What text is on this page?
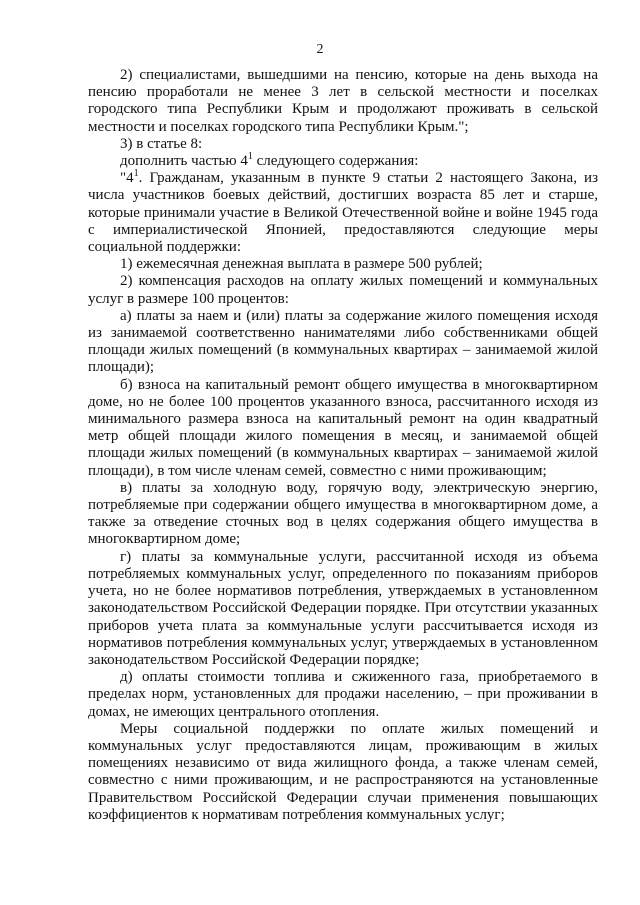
2

2) специалистами, вышедшими на пенсию, которые на день выхода на пенсию проработали не менее 3 лет в сельской местности и поселках городского типа Республики Крым и продолжают проживать в сельской местности и поселках городского типа Республики Крым.";

3) в статье 8:

дополнить частью $4^1$ следующего содержания:

"$4^1$. Гражданам, указанным в пункте 9 статьи 2 настоящего Закона, из числа участников боевых действий, достигших возраста 85 лет и старше, которые принимали участие в Великой Отечественной войне и войне 1945 года с империалистической Японией, предоставляются следующие меры социальной поддержки:

1) ежемесячная денежная выплата в размере 500 рублей;

2) компенсация расходов на оплату жилых помещений и коммунальных услуг в размере 100 процентов:

а) платы за наем и (или) платы за содержание жилого помещения исходя из занимаемой соответственно нанимателями либо собственниками общей площади жилых помещений (в коммунальных квартирах – занимаемой жилой площади);

б) взноса на капитальный ремонт общего имущества в многоквартирном доме, но не более 100 процентов указанного взноса, рассчитанного исходя из минимального размера взноса на капитальный ремонт на один квадратный метр общей площади жилого помещения в месяц, и занимаемой общей площади жилых помещений (в коммунальных квартирах – занимаемой жилой площади), в том числе членам семей, совместно с ними проживающим;

в) платы за холодную воду, горячую воду, электрическую энергию, потребляемые при содержании общего имущества в многоквартирном доме, а также за отведение сточных вод в целях содержания общего имущества в многоквартирном доме;

г) платы за коммунальные услуги, рассчитанной исходя из объема потребляемых коммунальных услуг, определенного по показаниям приборов учета, но не более нормативов потребления, утверждаемых в установленном законодательством Российской Федерации порядке. При отсутствии указанных приборов учета плата за коммунальные услуги рассчитывается исходя из нормативов потребления коммунальных услуг, утверждаемых в установленном законодательством Российской Федерации порядке;

д) оплаты стоимости топлива и сжиженного газа, приобретаемого в пределах норм, установленных для продажи населению, – при проживании в домах, не имеющих центрального отопления.

Меры социальной поддержки по оплате жилых помещений и коммунальных услуг предоставляются лицам, проживающим в жилых помещениях независимо от вида жилищного фонда, а также членам семей, совместно с ними проживающим, и не распространяются на установленные Правительством Российской Федерации случаи применения повышающих коэффициентов к нормативам потребления коммунальных услуг;
